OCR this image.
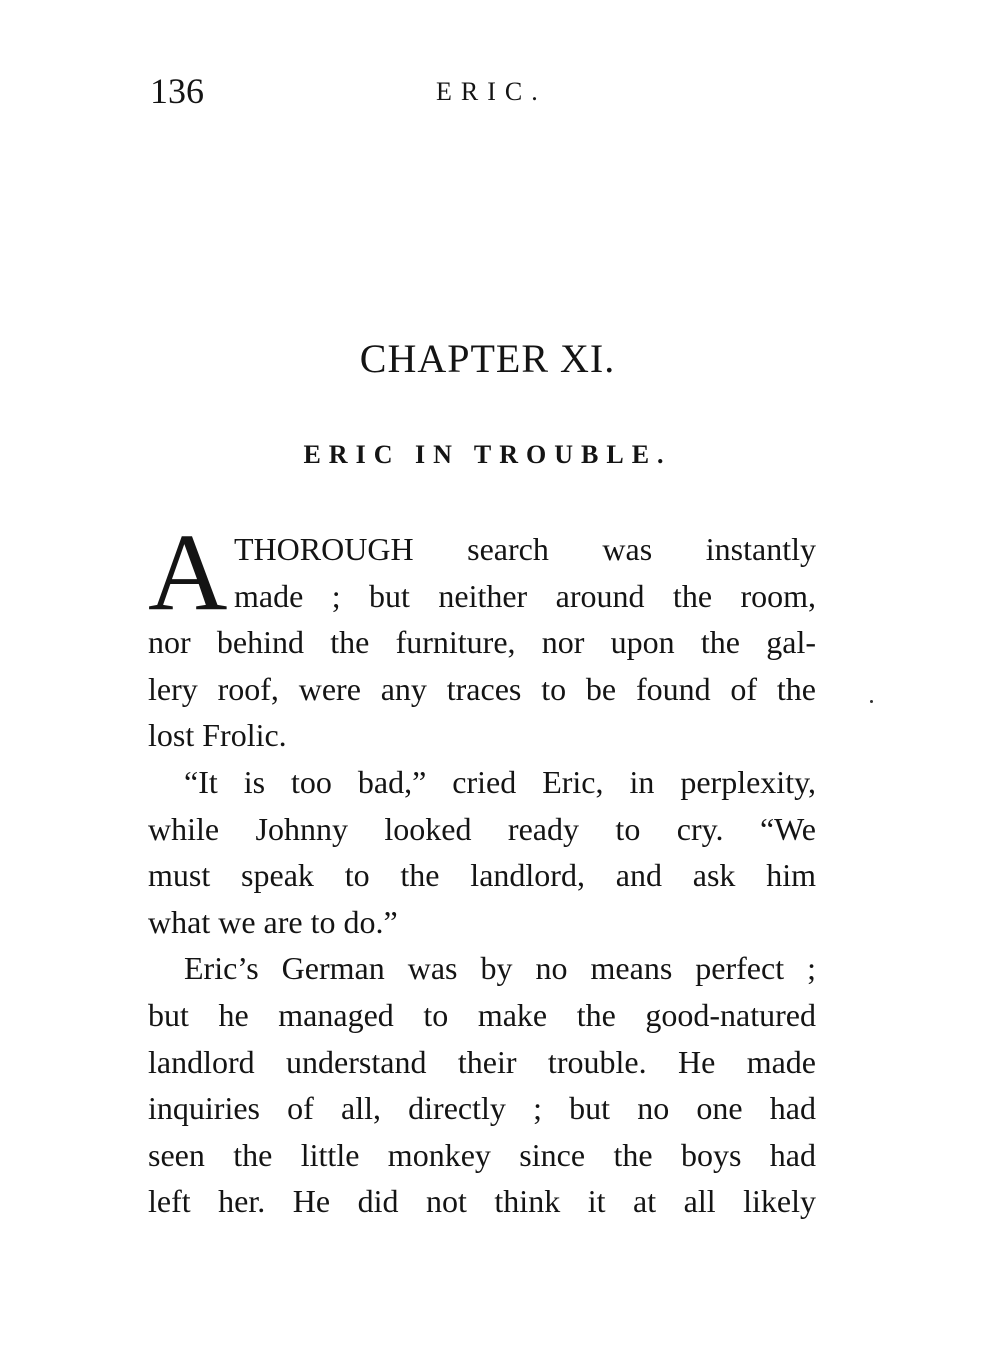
136	ERIC.
CHAPTER XI.
ERIC IN TROUBLE.
A THOROUGH search was instantly
made ; but neither around the room,
nor behind the furniture, nor upon the gal-
lery roof, were any traces to be found of the
lost Frolic.
“It is too bad,” cried Eric, in perplexity,
while Johnny looked ready to cry. “We
must speak to the landlord, and ask him
what we are to do.”
Eric’s German was by no means perfect ;
but he managed to make the good-natured
landlord understand their trouble. He made
inquiries of all, directly ; but no one had
seen the little monkey since the boys had
left her. He did not think it at all likely
